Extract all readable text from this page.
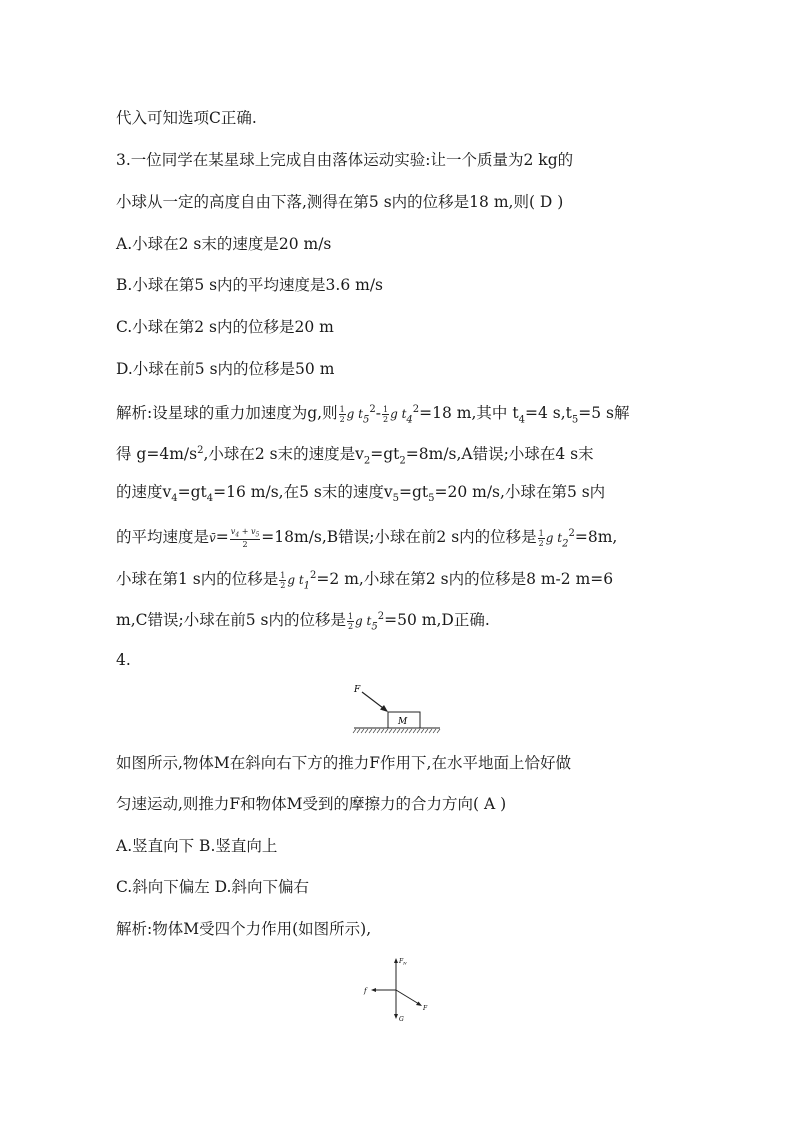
代入可知选项C正确.
3.一位同学在某星球上完成自由落体运动实验:让一个质量为2 kg的
小球从一定的高度自由下落,测得在第5 s内的位移是18 m,则( D )
A.小球在2 s末的速度是20 m/s
B.小球在第5 s内的平均速度是3.6 m/s
C.小球在第2 s内的位移是20 m
D.小球在前5 s内的位移是50 m
解析:设星球的重力加速度为g,则 $\frac{1}{2}$ g $t_5^2- \frac{1}{2}$ g $t_4^2=18$ m,其中 $t_4=4$ $s,t_5=5$ s解
得 $g=4m/s^2$,小球在2 s末的速度是$v_2=gt_2=8m/s,A$错误;小球在4 s末
的速度$v_4=gt_4=16$ m/s,在5 s末的速度$v_5=gt_5=20$ m/s,小球在第5 s内
的平均速度是v̄= $\frac{v_4 + v_5}{2} =18m/s,B$错误;小球在前2 s内的位移是 $\frac{1}{2}$ g $t_2^2=8m$,
小球在第1 s内的位移是 $\frac{1}{2}$ g $t_1^2=2$ m,小球在第2 s内的位移是8 m-2 m=6
m,C错误;小球在前5 s内的位移是 $\frac{1}{2}$ g $t_5^2=50$ m,D正确.
4.
M
F
如图所示,物体M在斜向右下方的推力F作用下,在水平地面上恰好做
匀速运动,则推力F和物体M受到的摩擦力的合力方向( A )
A.竖直向下 B.竖直向上
C.斜向下偏左 D.斜向下偏右
解析:物体M受四个力作用(如图所示),
$F_N$
G
f
F
